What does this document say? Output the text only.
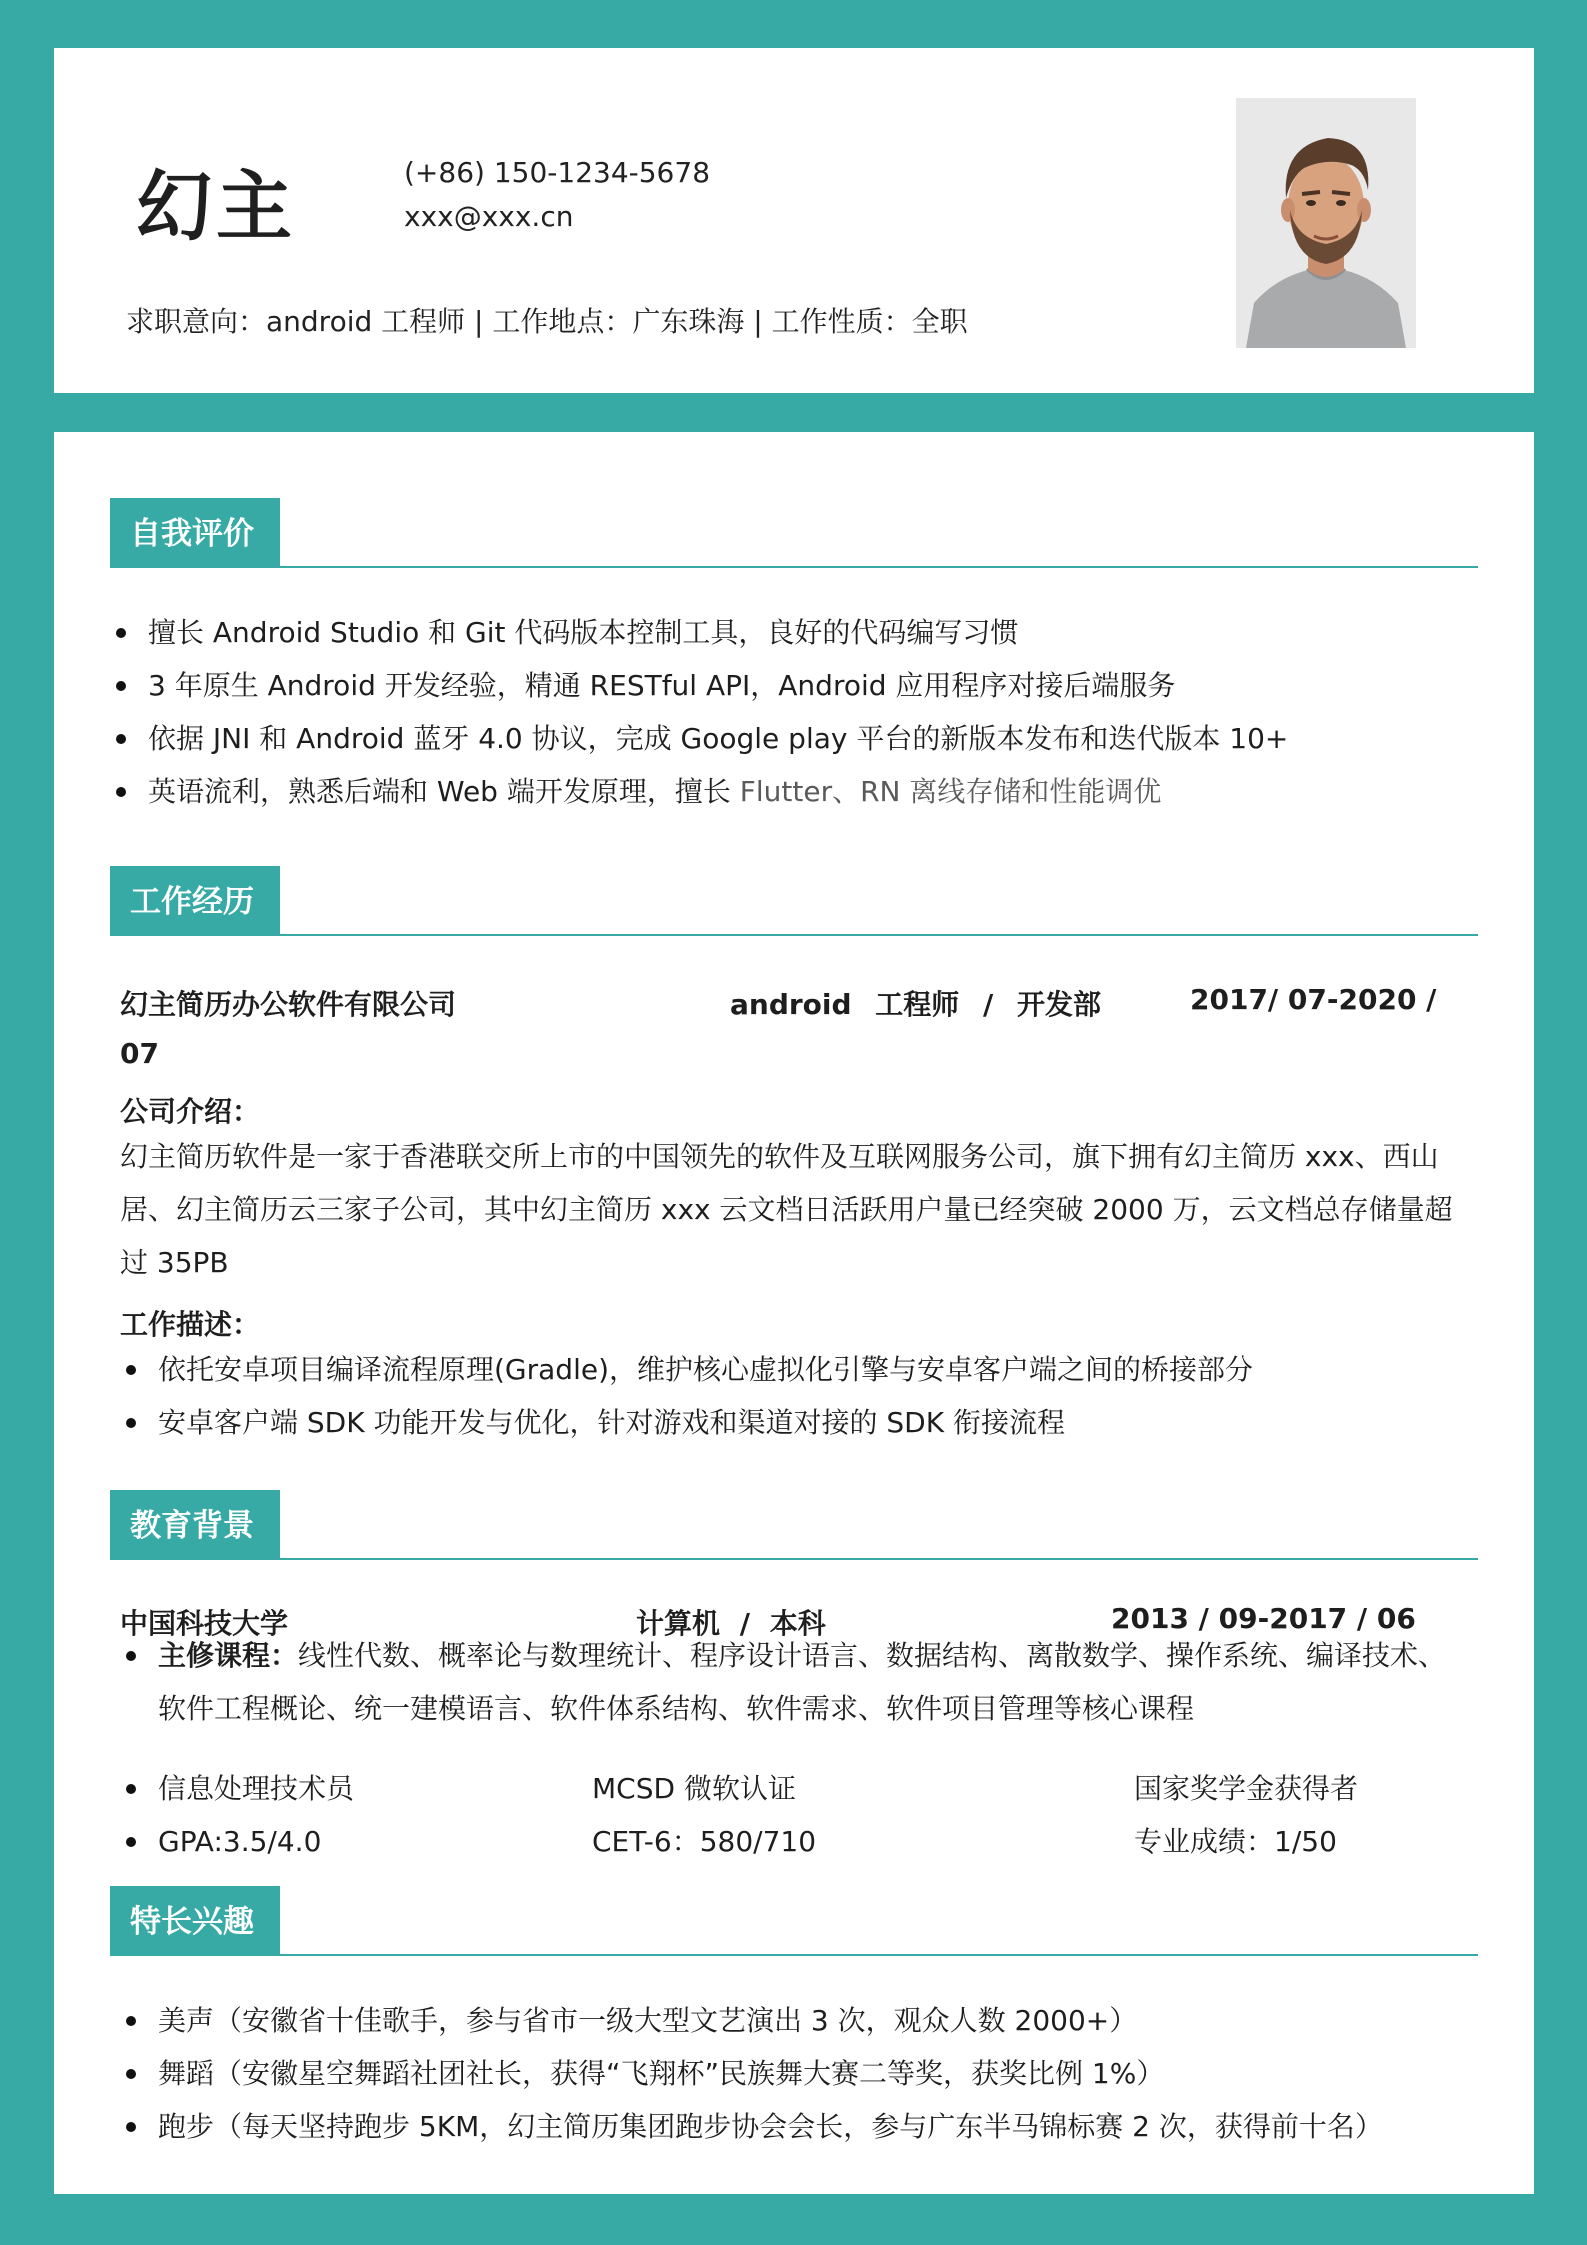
幻主	(+86) 150-1234-5678
xxx@xxx.cn
求职意向：android 工程师 | 工作地点：广东珠海 | 工作性质：全职
自我评价
擅长 Android Studio 和 Git 代码版本控制工具，良好的代码编写习惯
3 年原生 Android 开发经验，精通 RESTful API，Android 应用程序对接后端服务
依据 JNI 和 Android 蓝牙 4.0 协议，完成 Google play 平台的新版本发布和迭代版本 10+
英语流利，熟悉后端和 Web 端开发原理，擅长 Flutter、RN 离线存储和性能调优
工作经历
幻主简历办公软件有限公司	android 工程师 / 开发部	2017/ 07-2020 /
07
公司介绍：
幻主简历软件是一家于香港联交所上市的中国领先的软件及互联网服务公司，旗下拥有幻主简历 xxx、西山
居、幻主简历云三家子公司，其中幻主简历 xxx 云文档日活跃用户量已经突破 2000 万，云文档总存储量超
过 35PB
工作描述：
依托安卓项目编译流程原理(Gradle)，维护核心虚拟化引擎与安卓客户端之间的桥接部分
安卓客户端 SDK 功能开发与优化，针对游戏和渠道对接的 SDK 衔接流程
教育背景
中国科技大学	计算机 / 本科	2013 / 09-2017 / 06
主修课程：线性代数、概率论与数理统计、程序设计语言、数据结构、离散数学、操作系统、编译技术、
软件工程概论、统一建模语言、软件体系结构、软件需求、软件项目管理等核心课程
信息处理技术员	MCSD 微软认证	国家奖学金获得者
GPA:3.5/4.0	CET-6：580/710	专业成绩：1/50
特长兴趣
美声（安徽省十佳歌手，参与省市一级大型文艺演出 3 次，观众人数 2000+）
舞蹈（安徽星空舞蹈社团社长，获得“飞翔杯”民族舞大赛二等奖，获奖比例 1%）
跑步（每天坚持跑步 5KM，幻主简历集团跑步协会会长，参与广东半马锦标赛 2 次，获得前十名）
